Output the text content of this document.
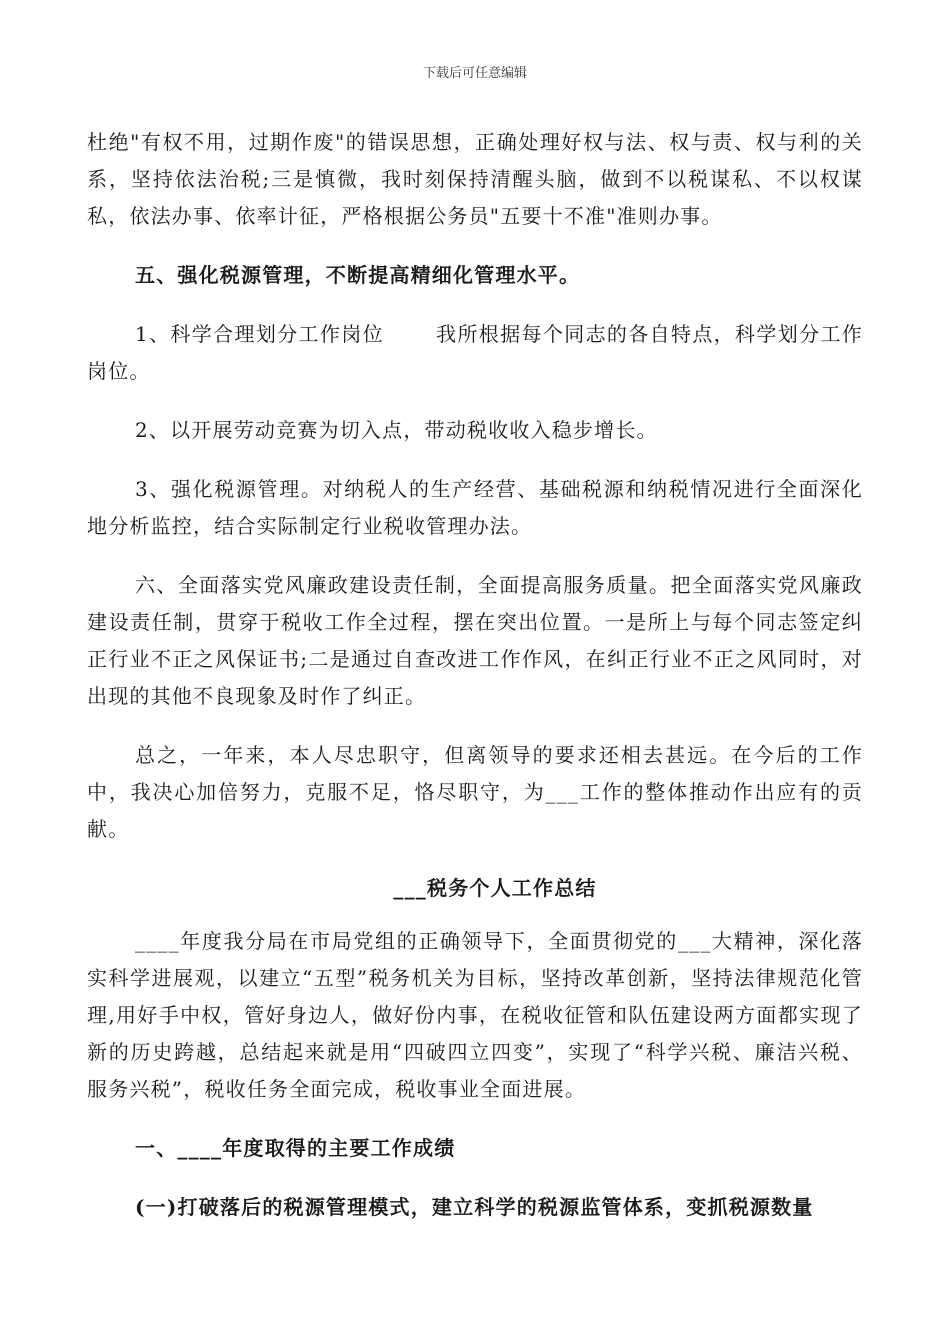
下载后可任意编辑

杜绝"有权不用，过期作废"的错误思想，正确处理好权与法、权与责、权与利的关系，坚持依法治税;三是慎微，我时刻保持清醒头脑，做到不以税谋私、不以权谋私，依法办事、依率计征，严格根据公务员"五要十不准"准则办事。

五、强化税源管理，不断提高精细化管理水平。

1、科学合理划分工作岗位	我所根据每个同志的各自特点，科学划分工作岗位。

2、以开展劳动竞赛为切入点，带动税收收入稳步增长。

3、强化税源管理。对纳税人的生产经营、基础税源和纳税情况进行全面深化地分析监控，结合实际制定行业税收管理办法。

六、全面落实党风廉政建设责任制，全面提高服务质量。把全面落实党风廉政建设责任制，贯穿于税收工作全过程，摆在突出位置。一是所上与每个同志签定纠正行业不正之风保证书;二是通过自查改进工作作风，在纠正行业不正之风同时，对出现的其他不良现象及时作了纠正。

总之，一年来，本人尽忠职守，但离领导的要求还相去甚远。在今后的工作中，我决心加倍努力，克服不足，恪尽职守，为___工作的整体推动作出应有的贡献。

___税务个人工作总结

____年度我分局在市局党组的正确领导下，全面贯彻党的___大精神，深化落实科学进展观，以建立“五型”税务机关为目标，坚持改革创新，坚持法律规范化管理,用好手中权，管好身边人，做好份内事，在税收征管和队伍建设两方面都实现了新的历史跨越，总结起来就是用“四破四立四变”，实现了“科学兴税、廉洁兴税、服务兴税”，税收任务全面完成，税收事业全面进展。

一、____年度取得的主要工作成绩

(一)打破落后的税源管理模式，建立科学的税源监管体系，变抓税源数量
